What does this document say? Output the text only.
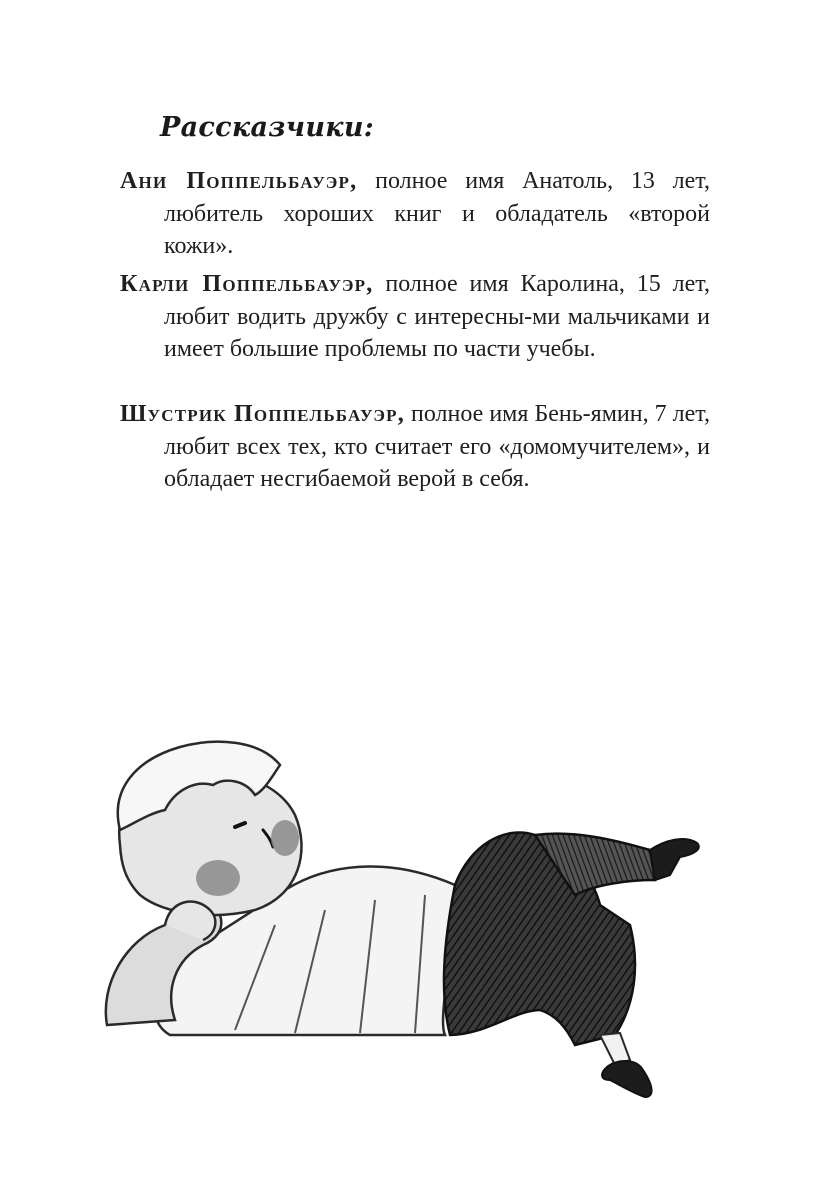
Рассказчики:

Ани Поппельбауэр, полное имя Анатоль, 13 лет, любитель хороших книг и обладатель «второй кожи».

Карли Поппельбауэр, полное имя Каролина, 15 лет, любит водить дружбу с интересны-ми мальчиками и имеет большие проблемы по части учебы.

Шустрик Поппельбауэр, полное имя Бень-ямин, 7 лет, любит всех тех, кто считает его «домомучителем», и обладает несгибаемой верой в себя.
